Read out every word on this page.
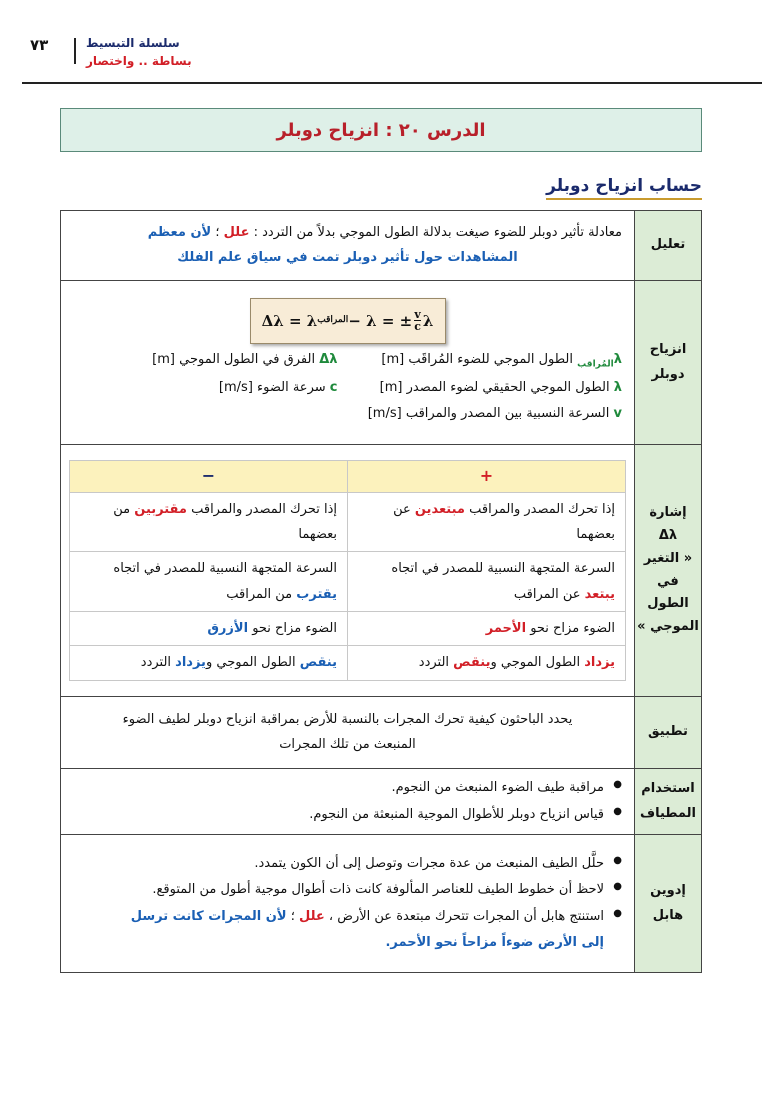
٧٣	سلسلة التبسيط
بساطة .. واختصار
الدرس ٢٠ : انزياح دوبلر
حساب انزياح دوبلر
تعليل	
معادلة تأثير دوبلر للضوء صيغت بدلالة الطول الموجي بدلاً من التردد : علل ؛ لأن معظم
المشاهدات حول تأثير دوبلر تمت في سياق علم الفلك

انزياح
دوبلر

Δλ = λ المراقب − λ = ± $\frac{v}{c}$ λ
$\lambda_{المُراقب}$ الطول الموجي للضوء المُراقَب [m]
Δλ الفرق في الطول الموجي [m]
λ الطول الموجي الحقيقي لضوء المصدر [m]
c سرعة الضوء [m/s]
v السرعة النسبية بين المصدر والمراقب [m/s]

إشارة
Δλ
« التغير
في
الطول
الموجي »

+	−
إذا تحرك المصدر والمراقب مبتعدين عن بعضهما	إذا تحرك المصدر والمراقب مقتربين من بعضهما
السرعة المتجهة النسبية للمصدر في اتجاه يبتعد عن المراقب	السرعة المتجهة النسبية للمصدر في اتجاه يقترب من المراقب
الضوء مزاح نحو الأحمر	الضوء مزاح نحو الأزرق
يزداد الطول الموجي وينقص التردد	ينقص الطول الموجي ويزداد التردد

تطبيق	
يحدد الباحثون كيفية تحرك المجرات بالنسبة للأرض بمراقبة انزياح دوبلر لطيف الضوء
المنبعث من تلك المجرات

استخدام
المطياف

● مراقبة طيف الضوء المنبعث من النجوم.
● قياس انزياح دوبلر للأطوال الموجية المنبعثة من النجوم.

إدوين
هابل

● حلَّل الطيف المنبعث من عدة مجرات وتوصل إلى أن الكون يتمدد.
● لاحظ أن خطوط الطيف للعناصر المألوفة كانت ذات أطوال موجية أطول من المتوقع.
● استنتج هابل أن المجرات تتحرك مبتعدة عن الأرض ، علل ؛ لأن المجرات كانت ترسل
إلى الأرض ضوءاً مزاحاً نحو الأحمر.
